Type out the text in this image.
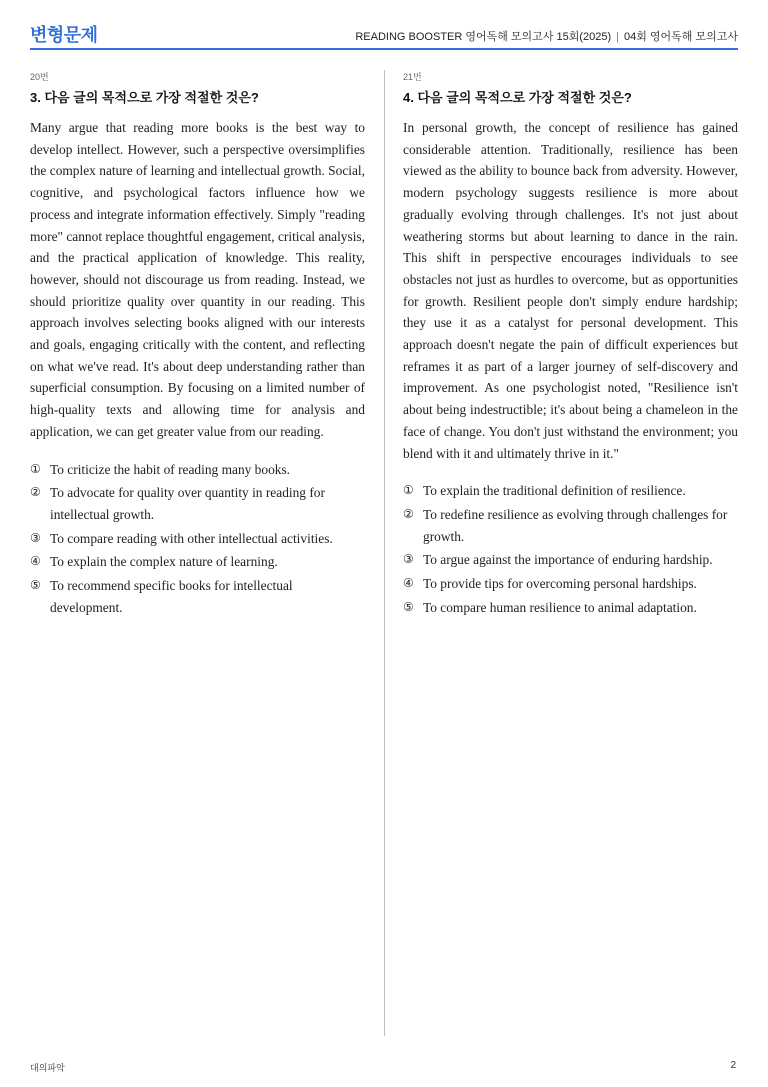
변형문제	READING BOOSTER 영어독해 모의고사 15회(2025) | 04회 영어독해 모의고사
20번
3. 다음 글의 목적으로 가장 적절한 것은?

Many argue that reading more books is the best way to develop intellect. However, such a perspective oversimplifies the complex nature of learning and intellectual growth. Social, cognitive, and psychological factors influence how we process and integrate information effectively. Simply "reading more" cannot replace thoughtful engagement, critical analysis, and the practical application of knowledge. This reality, however, should not discourage us from reading. Instead, we should prioritize quality over quantity in our reading. This approach involves selecting books aligned with our interests and goals, engaging critically with the content, and reflecting on what we've read. It's about deep understanding rather than superficial consumption. By focusing on a limited number of high-quality texts and allowing time for analysis and application, we can get greater value from our reading.

① To criticize the habit of reading many books.
② To advocate for quality over quantity in reading for intellectual growth.
③ To compare reading with other intellectual activities.
④ To explain the complex nature of learning.
⑤ To recommend specific books for intellectual development.
21번
4. 다음 글의 목적으로 가장 적절한 것은?

In personal growth, the concept of resilience has gained considerable attention. Traditionally, resilience has been viewed as the ability to bounce back from adversity. However, modern psychology suggests resilience is more about gradually evolving through challenges. It's not just about weathering storms but about learning to dance in the rain. This shift in perspective encourages individuals to see obstacles not just as hurdles to overcome, but as opportunities for growth. Resilient people don't simply endure hardship; they use it as a catalyst for personal development. This approach doesn't negate the pain of difficult experiences but reframes it as part of a larger journey of self-discovery and improvement. As one psychologist noted, "Resilience isn't about being indestructible; it's about being a chameleon in the face of change. You don't just withstand the environment; you blend with it and ultimately thrive in it."

① To explain the traditional definition of resilience.
② To redefine resilience as evolving through challenges for growth.
③ To argue against the importance of enduring hardship.
④ To provide tips for overcoming personal hardships.
⑤ To compare human resilience to animal adaptation.
대의파악	2
